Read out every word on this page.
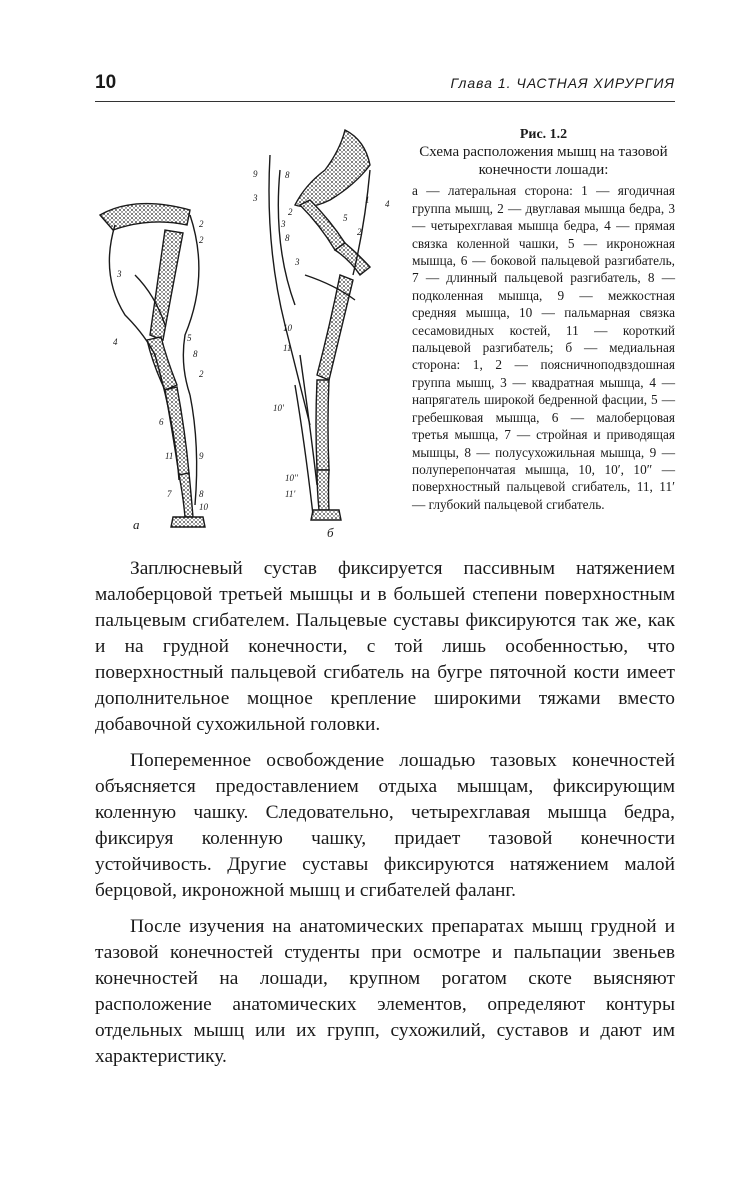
10	Глава 1. ЧАСТНАЯ ХИРУРГИЯ
2
2
3
4	5
8
2
6
11	9
7	8
10
а
9	8
3
2
3
8
5
1 4
2
3
10
11
10'
10''
11'
б
Рис. 1.2
Схема расположения мышц на тазовой конечности лошади:
а — латеральная сторона: 1 — ягодичная группа мышц, 2 — двуглавая мышца бедра, 3 — четырехглавая мышца бедра, 4 — прямая связка коленной чашки, 5 — икроножная мышца, 6 — боковой пальцевой разгибатель, 7 — длинный пальцевой разгибатель, 8 — подколенная мышца, 9 — межкостная средняя мышца, 10 — пальмарная связка сесамовидных костей, 11 — короткий пальцевой разгибатель; б — медиальная сторона: 1, 2 — поясничноподвздошная группа мышц, 3 — квадратная мышца, 4 — напрягатель широкой бедренной фасции, 5 — гребешковая мышца, 6 — малоберцовая третья мышца, 7 — стройная и приводящая мышцы, 8 — полусухожильная мышца, 9 — полуперепончатая мышца, 10, 10′, 10″ — поверхностный пальцевой сгибатель, 11, 11′ — глубокий пальцевой сгибатель.

Заплюсневый сустав фиксируется пассивным натяжением малоберцовой третьей мышцы и в большей степени поверхностным пальцевым сгибателем. Пальцевые суставы фиксируются так же, как и на грудной конечности, с той лишь особенностью, что поверхностный пальцевой сгибатель на бугре пяточной кости имеет дополнительное мощное крепление широкими тяжами вместо добавочной сухожильной головки.

Попеременное освобождение лошадью тазовых конечностей объясняется предоставлением отдыха мышцам, фиксирующим коленную чашку. Следовательно, четырехглавая мышца бедра, фиксируя коленную чашку, придает тазовой конечности устойчивость. Другие суставы фиксируются натяжением малой берцовой, икроножной мышц и сгибателей фаланг.

После изучения на анатомических препаратах мышц грудной и тазовой конечностей студенты при осмотре и пальпации звеньев конечностей на лошади, крупном рогатом скоте выясняют расположение анатомических элементов, определяют контуры отдельных мышц или их групп, сухожилий, суставов и дают им характеристику.
